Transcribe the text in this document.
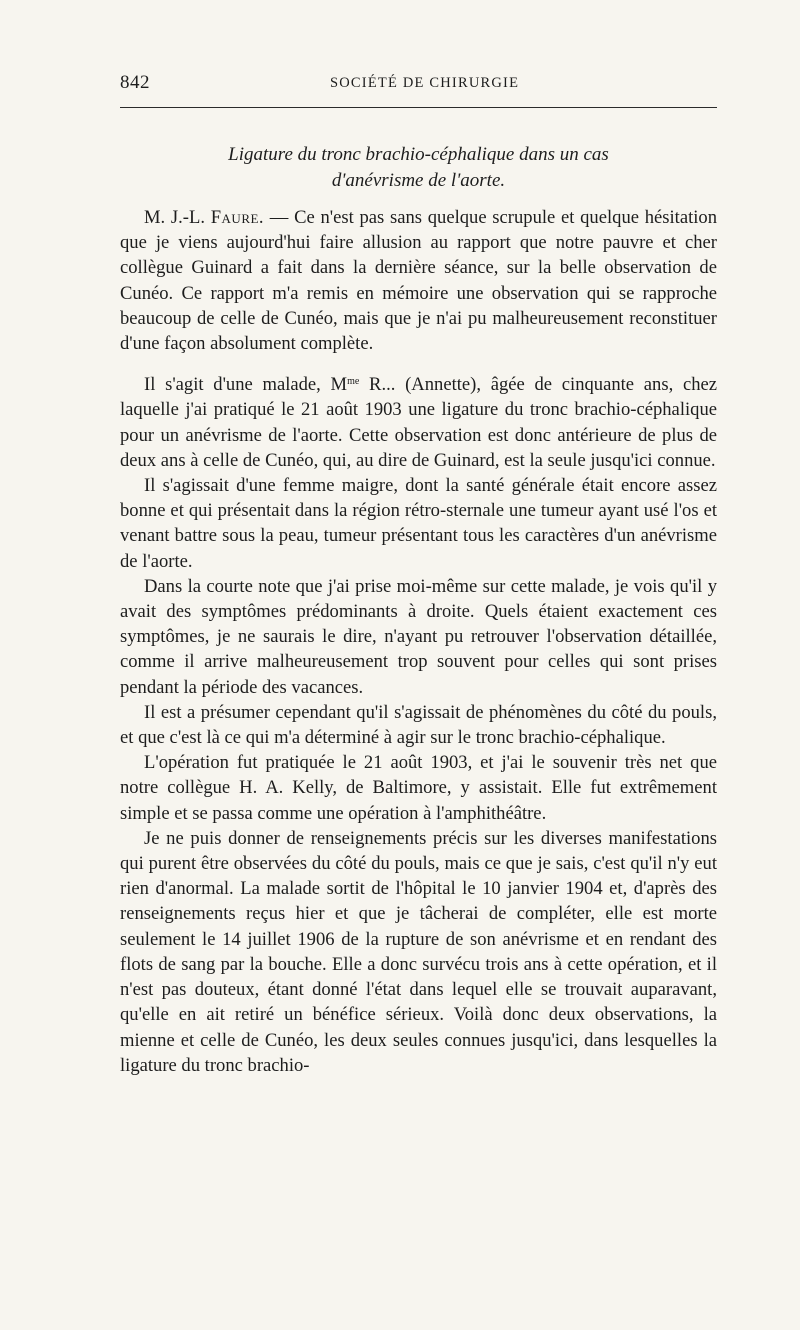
842	SOCIÉTÉ DE CHIRURGIE
Ligature du tronc brachio-céphalique dans un cas
d'anévrisme de l'aorte.

M. J.-L. Faure. — Ce n'est pas sans quelque scrupule et quelque hésitation que je viens aujourd'hui faire allusion au rapport que notre pauvre et cher collègue Guinard a fait dans la dernière séance, sur la belle observation de Cunéo. Ce rapport m'a remis en mémoire une observation qui se rapproche beaucoup de celle de Cunéo, mais que je n'ai pu malheureusement reconstituer d'une façon absolument complète.

Il s'agit d'une malade, $M^{me}$ R... (Annette), âgée de cinquante ans, chez laquelle j'ai pratiqué le 21 août 1903 une ligature du tronc brachio-céphalique pour un anévrisme de l'aorte. Cette observation est donc antérieure de plus de deux ans à celle de Cunéo, qui, au dire de Guinard, est la seule jusqu'ici connue.

Il s'agissait d'une femme maigre, dont la santé générale était encore assez bonne et qui présentait dans la région rétro-sternale une tumeur ayant usé l'os et venant battre sous la peau, tumeur présentant tous les caractères d'un anévrisme de l'aorte.

Dans la courte note que j'ai prise moi-même sur cette malade, je vois qu'il y avait des symptômes prédominants à droite. Quels étaient exactement ces symptômes, je ne saurais le dire, n'ayant pu retrouver l'observation détaillée, comme il arrive malheureusement trop souvent pour celles qui sont prises pendant la période des vacances.

Il est a présumer cependant qu'il s'agissait de phénomènes du côté du pouls, et que c'est là ce qui m'a déterminé à agir sur le tronc brachio-céphalique.

L'opération fut pratiquée le 21 août 1903, et j'ai le souvenir très net que notre collègue H. A. Kelly, de Baltimore, y assistait. Elle fut extrêmement simple et se passa comme une opération à l'amphithéâtre.

Je ne puis donner de renseignements précis sur les diverses manifestations qui purent être observées du côté du pouls, mais ce que je sais, c'est qu'il n'y eut rien d'anormal. La malade sortit de l'hôpital le 10 janvier 1904 et, d'après des renseignements reçus hier et que je tâcherai de compléter, elle est morte seulement le 14 juillet 1906 de la rupture de son anévrisme et en rendant des flots de sang par la bouche. Elle a donc survécu trois ans à cette opération, et il n'est pas douteux, étant donné l'état dans lequel elle se trouvait auparavant, qu'elle en ait retiré un bénéfice sérieux. Voilà donc deux observations, la mienne et celle de Cunéo, les deux seules connues jusqu'ici, dans lesquelles la ligature du tronc brachio-
